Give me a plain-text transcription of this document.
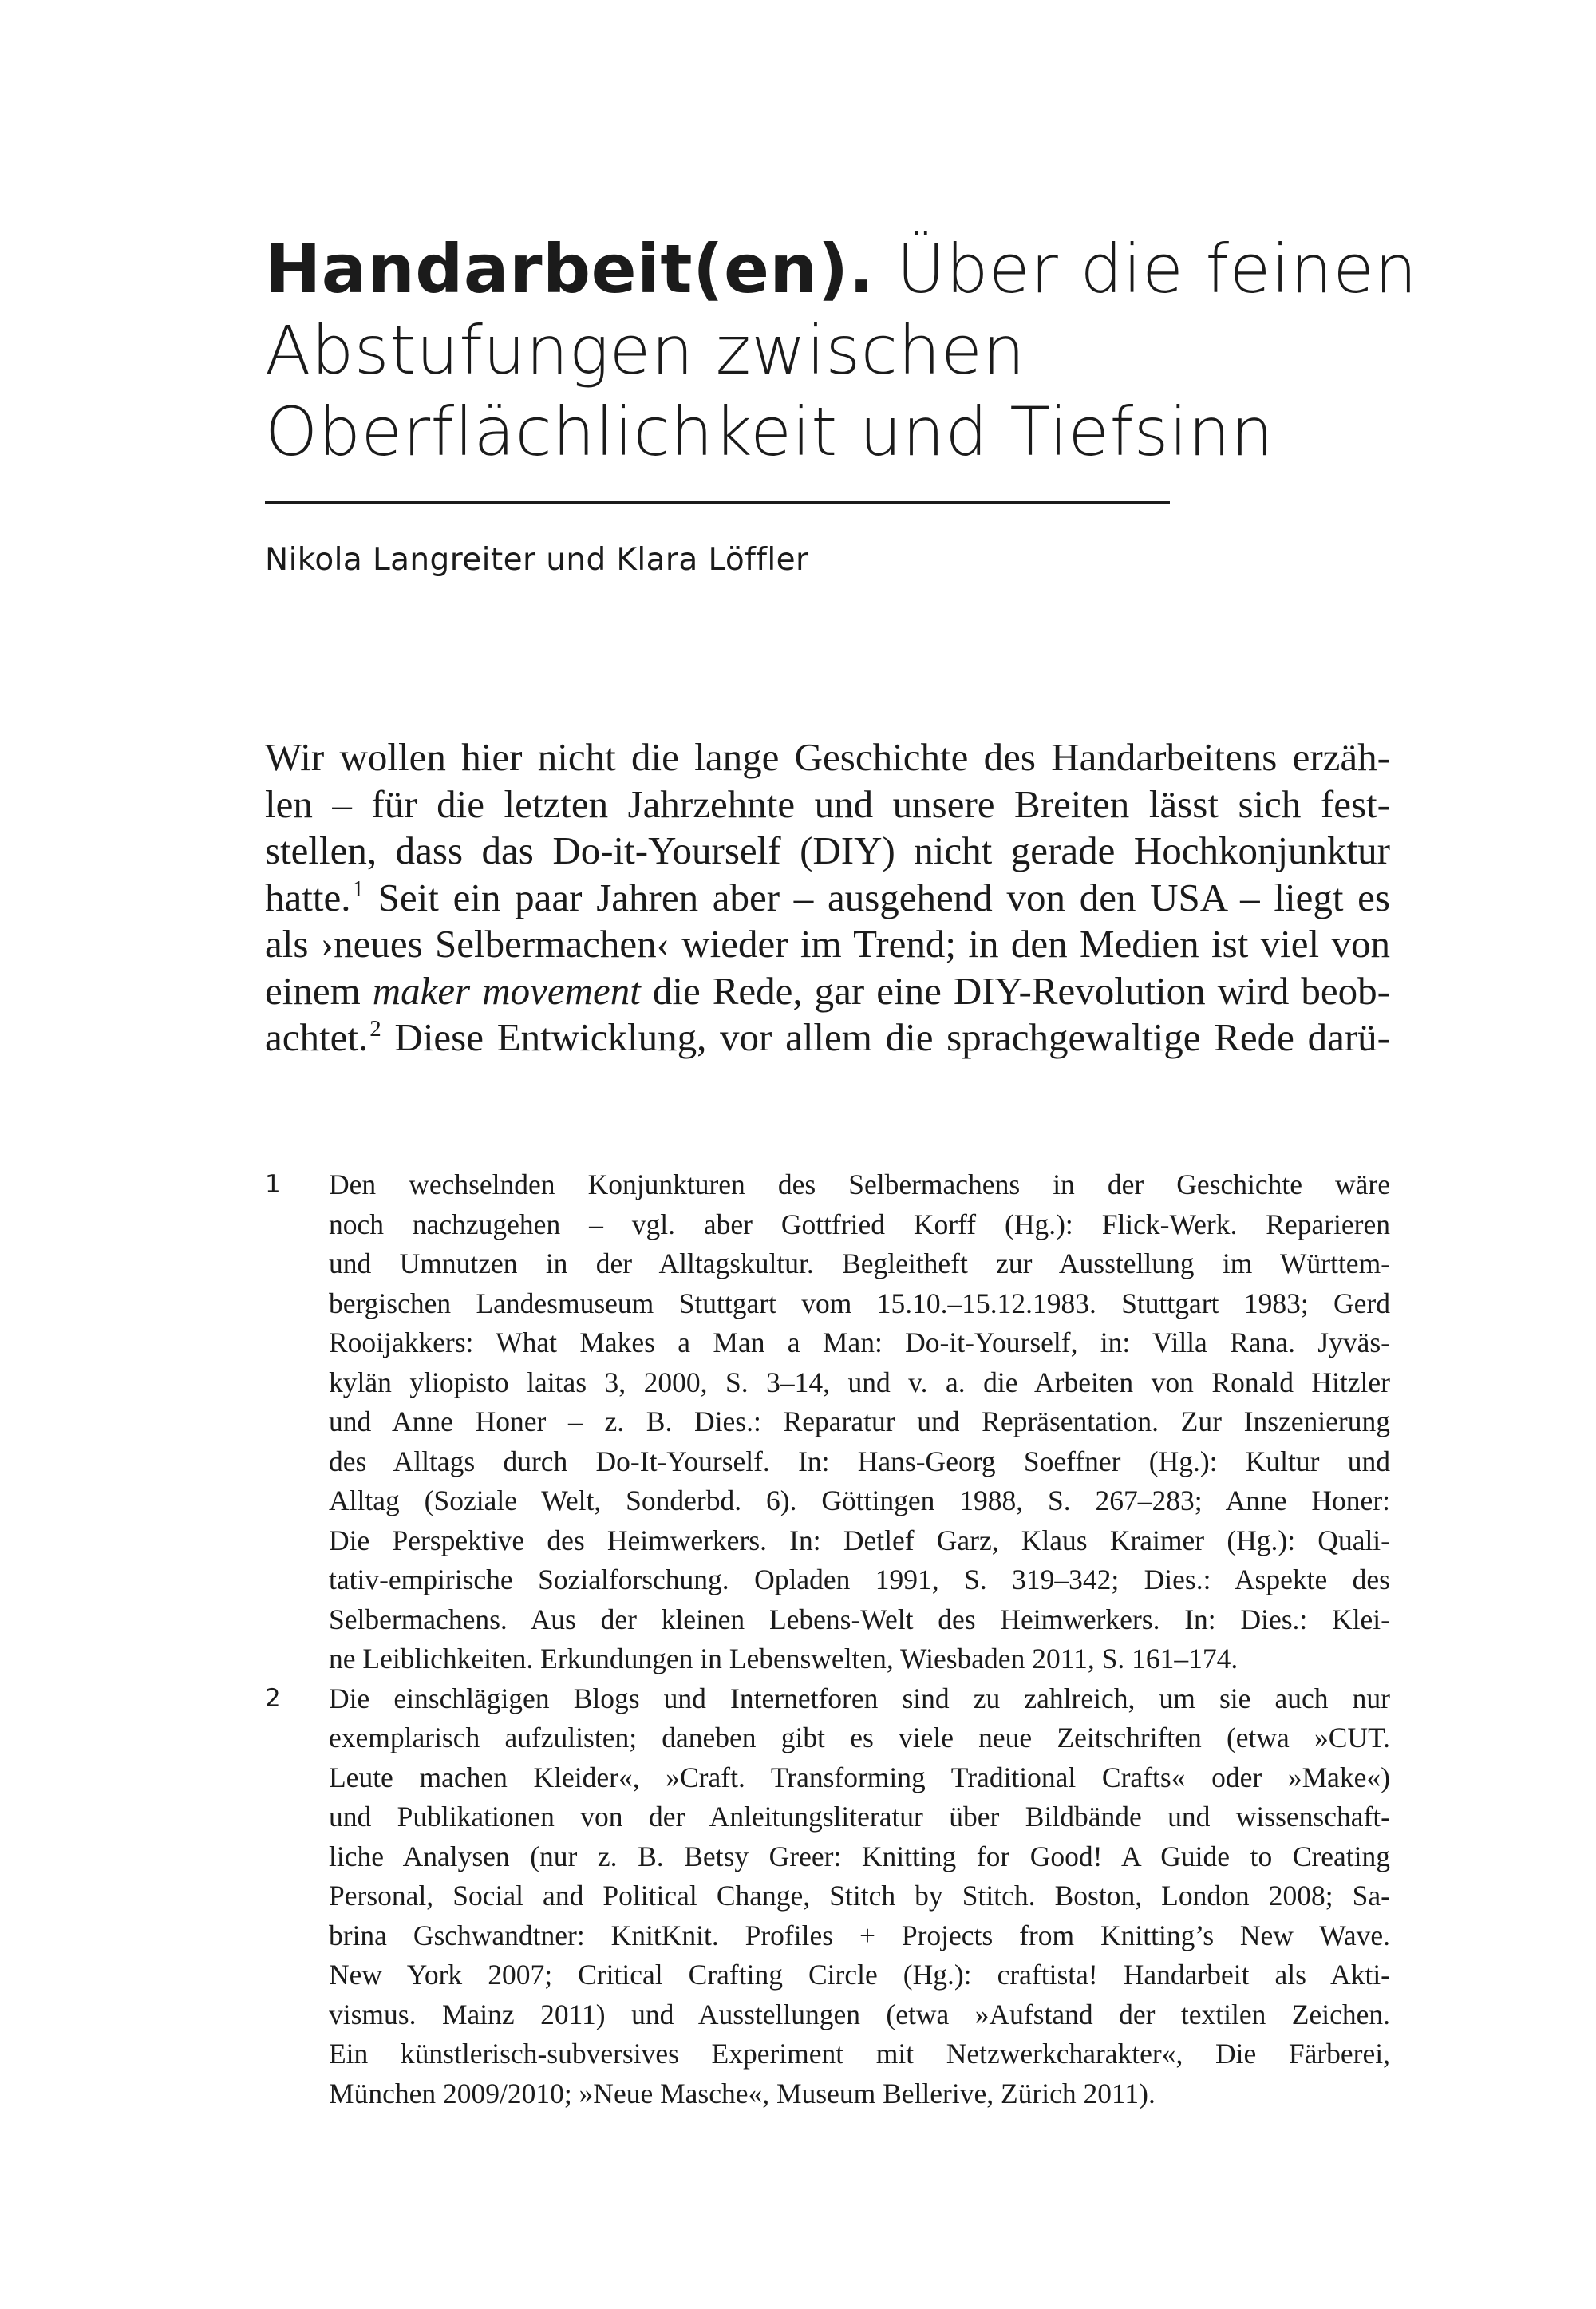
Handarbeit(en). Über die feinen
Abstufungen zwischen
Oberflächlichkeit und Tiefsinn

Nikola Langreiter und Klara Löffler

Wir wollen hier nicht die lange Geschichte des Handarbeitens erzäh-
len – für die letzten Jahrzehnte und unsere Breiten lässt sich fest-
stellen, dass das Do-it-Yourself (DIY) nicht gerade Hochkonjunktur
hatte.$^1$ Seit ein paar Jahren aber – ausgehend von den USA – liegt es
als ›neues Selbermachen‹ wieder im Trend; in den Medien ist viel von
einem maker movement die Rede, gar eine DIY-Revolution wird beob-
achtet.$^2$ Diese Entwicklung, vor allem die sprachgewaltige Rede darü-
1 Den wechselnden Konjunkturen des Selbermachens in der Geschichte wäre
noch nachzugehen – vgl. aber Gottfried Korff (Hg.): Flick-Werk. Reparieren
und Umnutzen in der Alltagskultur. Begleitheft zur Ausstellung im Württem-
bergischen Landesmuseum Stuttgart vom 15.10.–15.12.1983. Stuttgart 1983; Gerd
Rooijakkers: What Makes a Man a Man: Do-it-Yourself, in: Villa Rana. Jyväs-
kylän yliopisto laitas 3, 2000, S. 3–14, und v. a. die Arbeiten von Ronald Hitzler
und Anne Honer – z. B. Dies.: Reparatur und Repräsentation. Zur Inszenierung
des Alltags durch Do-It-Yourself. In: Hans-Georg Soeffner (Hg.): Kultur und
Alltag (Soziale Welt, Sonderbd. 6). Göttingen 1988, S. 267–283; Anne Honer:
Die Perspektive des Heimwerkers. In: Detlef Garz, Klaus Kraimer (Hg.): Quali-
tativ-empirische Sozialforschung. Opladen 1991, S. 319–342; Dies.: Aspekte des
Selbermachens. Aus der kleinen Lebens-Welt des Heimwerkers. In: Dies.: Klei-
ne Leiblichkeiten. Erkundungen in Lebenswelten, Wiesbaden 2011, S. 161–174.
2 Die einschlägigen Blogs und Internetforen sind zu zahlreich, um sie auch nur
exemplarisch aufzulisten; daneben gibt es viele neue Zeitschriften (etwa »CUT.
Leute machen Kleider«, »Craft. Transforming Traditional Crafts« oder »Make«)
und Publikationen von der Anleitungsliteratur über Bildbände und wissenschaft-
liche Analysen (nur z. B. Betsy Greer: Knitting for Good! A Guide to Creating
Personal, Social and Political Change, Stitch by Stitch. Boston, London 2008; Sa-
brina Gschwandtner: KnitKnit. Profiles + Projects from Knitting’s New Wave.
New York 2007; Critical Crafting Circle (Hg.): craftista! Handarbeit als Akti-
vismus. Mainz 2011) und Ausstellungen (etwa »Aufstand der textilen Zeichen.
Ein künstlerisch-subversives Experiment mit Netzwerkcharakter«, Die Färberei,
München 2009/2010; »Neue Masche«, Museum Bellerive, Zürich 2011).
